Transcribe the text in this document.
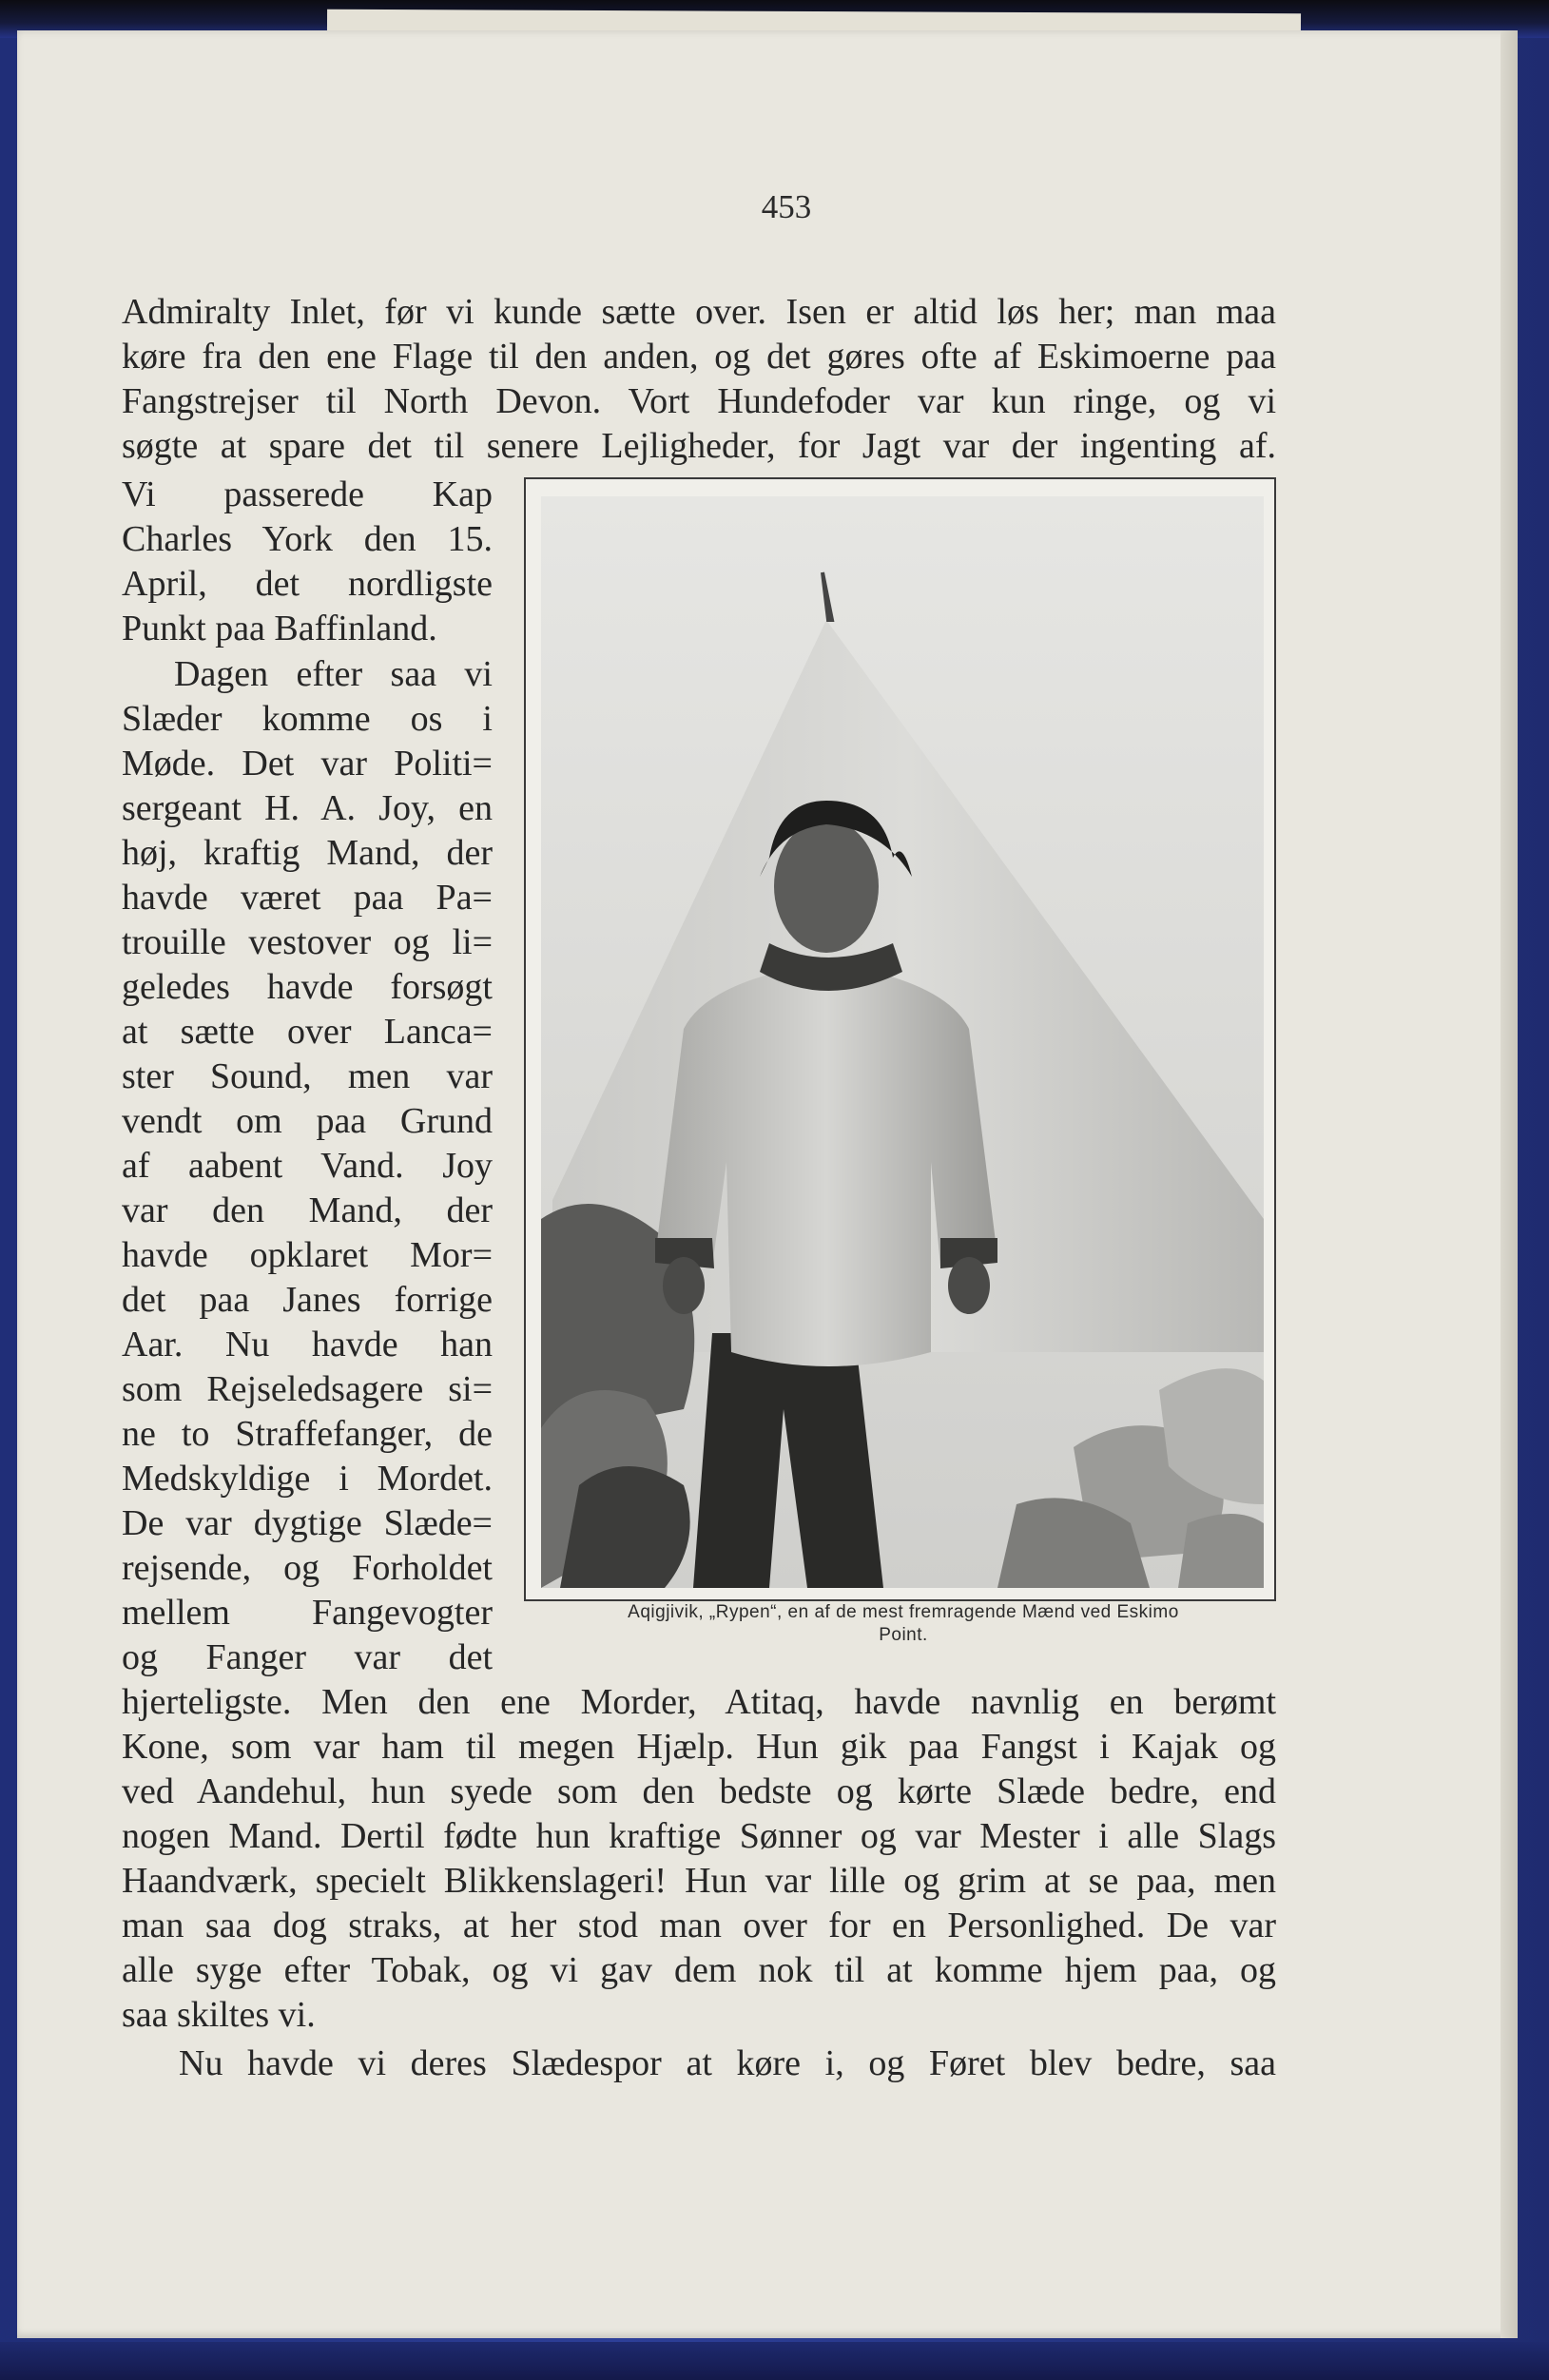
453
Admiralty Inlet, før vi kunde sætte over. Isen er altid løs her; man maa
køre fra den ene Flage til den anden, og det gøres ofte af Eskimoerne paa
Fangstrejser til North Devon. Vort Hundefoder var kun ringe, og vi
søgte at spare det til senere Lejligheder, for Jagt var der ingenting af.
Vi passerede Kap
Charles York den 15.
April, det nordligste
Punkt paa Baffinland.
Dagen efter saa vi
Slæder komme os i
Møde. Det var Politi=
sergeant H. A. Joy, en
høj, kraftig Mand, der
havde været paa Pa=
trouille vestover og li=
geledes havde forsøgt
at sætte over Lanca=
ster Sound, men var
vendt om paa Grund
af aabent Vand. Joy
var den Mand, der
havde opklaret Mor=
det paa Janes forrige
Aar. Nu havde han
som Rejseledsagere si=
ne to Straffefanger, de
Medskyldige i Mordet.
De var dygtige Slæde=
rejsende, og Forholdet
mellem Fangevogter
og Fanger var det
Aqigjivik, „Rypen“, en af de mest fremragende Mænd ved Eskimo
Point.
hjerteligste. Men den ene Morder, Atitaq, havde navnlig en berømt
Kone, som var ham til megen Hjælp. Hun gik paa Fangst i Kajak og
ved Aandehul, hun syede som den bedste og kørte Slæde bedre, end
nogen Mand. Dertil fødte hun kraftige Sønner og var Mester i alle Slags
Haandværk, specielt Blikkenslageri! Hun var lille og grim at se paa, men
man saa dog straks, at her stod man over for en Personlighed. De var
alle syge efter Tobak, og vi gav dem nok til at komme hjem paa, og
saa skiltes vi.
Nu havde vi deres Slædespor at køre i, og Føret blev bedre, saa
